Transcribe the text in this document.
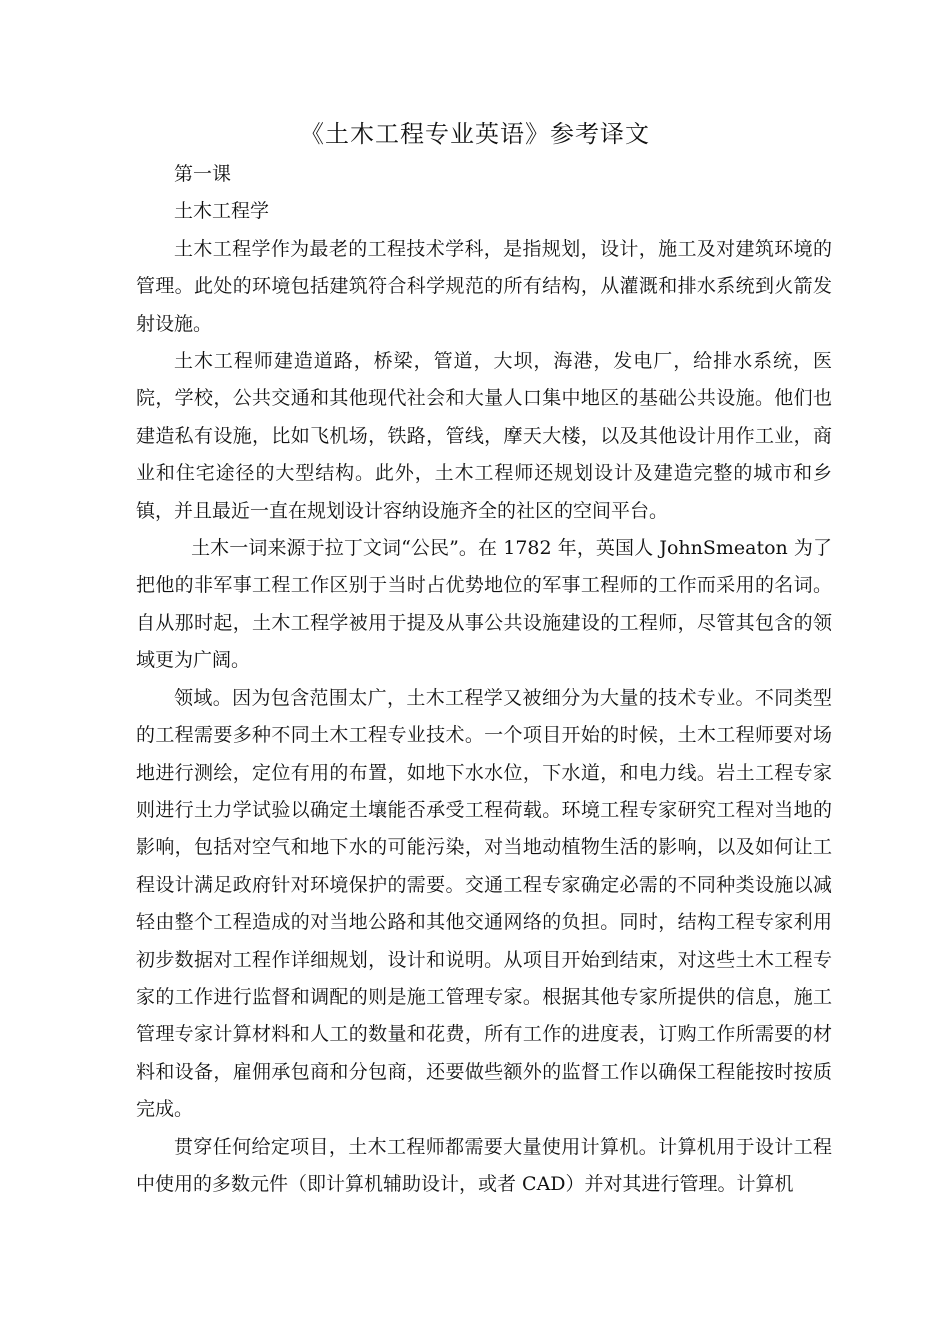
《土木工程专业英语》参考译文

第一课

土木工程学

土木工程学作为最老的工程技术学科，是指规划，设计，施工及对建筑环境的管理。此处的环境包括建筑符合科学规范的所有结构，从灌溉和排水系统到火箭发射设施。

土木工程师建造道路，桥梁，管道，大坝，海港，发电厂，给排水系统，医院，学校，公共交通和其他现代社会和大量人口集中地区的基础公共设施。他们也建造私有设施，比如飞机场，铁路，管线，摩天大楼，以及其他设计用作工业，商业和住宅途径的大型结构。此外，土木工程师还规划设计及建造完整的城市和乡镇，并且最近一直在规划设计容纳设施齐全的社区的空间平台。

土木一词来源于拉丁文词“公民”。在 1782 年，英国人 JohnSmeaton 为了把他的非军事工程工作区别于当时占优势地位的军事工程师的工作而采用的名词。自从那时起，土木工程学被用于提及从事公共设施建设的工程师，尽管其包含的领域更为广阔。

领域。因为包含范围太广，土木工程学又被细分为大量的技术专业。不同类型的工程需要多种不同土木工程专业技术。一个项目开始的时候，土木工程师要对场地进行测绘，定位有用的布置，如地下水水位，下水道，和电力线。岩土工程专家则进行土力学试验以确定土壤能否承受工程荷载。环境工程专家研究工程对当地的影响，包括对空气和地下水的可能污染，对当地动植物生活的影响，以及如何让工程设计满足政府针对环境保护的需要。交通工程专家确定必需的不同种类设施以减轻由整个工程造成的对当地公路和其他交通网络的负担。同时，结构工程专家利用初步数据对工程作详细规划，设计和说明。从项目开始到结束，对这些土木工程专家的工作进行监督和调配的则是施工管理专家。根据其他专家所提供的信息，施工管理专家计算材料和人工的数量和花费，所有工作的进度表，订购工作所需要的材料和设备，雇佣承包商和分包商，还要做些额外的监督工作以确保工程能按时按质完成。

贯穿任何给定项目，土木工程师都需要大量使用计算机。计算机用于设计工程中使用的多数元件（即计算机辅助设计，或者 CAD）并对其进行管理。计算机
